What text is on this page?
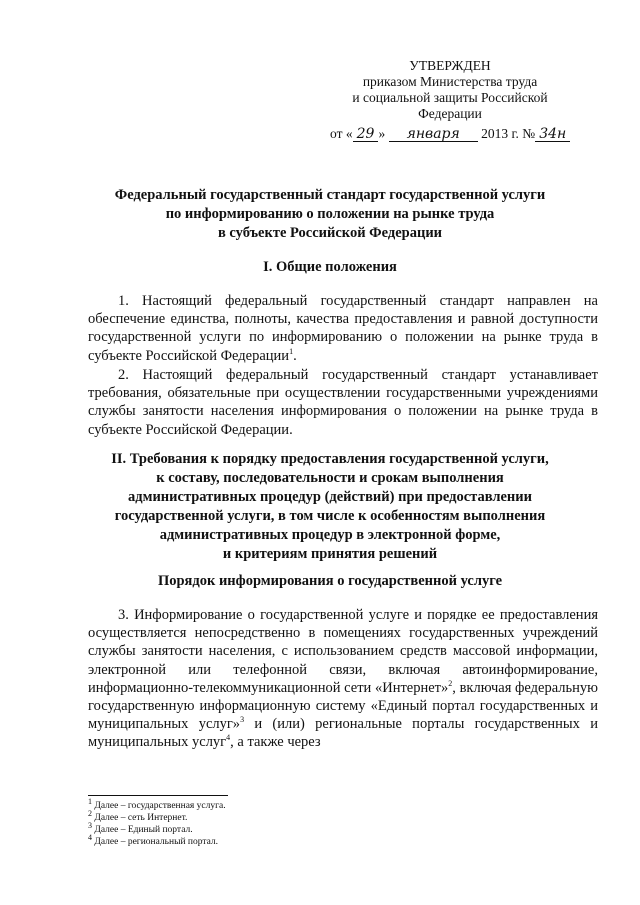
УТВЕРЖДЕН
приказом Министерства труда
и социальной защиты Российской
Федерации
от « 29 » января 2013 г. № 34н
Федеральный государственный стандарт государственной услуги
по информированию о положении на рынке труда
в субъекте Российской Федерации
I. Общие положения
1. Настоящий федеральный государственный стандарт направлен на обеспечение единства, полноты, качества предоставления и равной доступности государственной услуги по информированию о положении на рынке труда в субъекте Российской Федерации$^1$.
2. Настоящий федеральный государственный стандарт устанавливает требования, обязательные при осуществлении государственными учреждениями службы занятости населения информирования о положении на рынке труда в субъекте Российской Федерации.
II. Требования к порядку предоставления государственной услуги,
к составу, последовательности и срокам выполнения
административных процедур (действий) при предоставлении
государственной услуги, в том числе к особенностям выполнения
административных процедур в электронной форме,
и критериям принятия решений
Порядок информирования о государственной услуге
3. Информирование о государственной услуге и порядке ее предоставления осуществляется непосредственно в помещениях государственных учреждений службы занятости населения, с использованием средств массовой информации, электронной или телефонной связи, включая автоинформирование, информационно-телекоммуникационной сети «Интернет»$^2$, включая федеральную государственную информационную систему «Единый портал государственных и муниципальных услуг»$^3$ и (или) региональные порталы государственных и муниципальных услуг$^4$, а также через
$^1$ Далее – государственная услуга.
$^2$ Далее – сеть Интернет.
$^3$ Далее – Единый портал.
$^4$ Далее – региональный портал.
